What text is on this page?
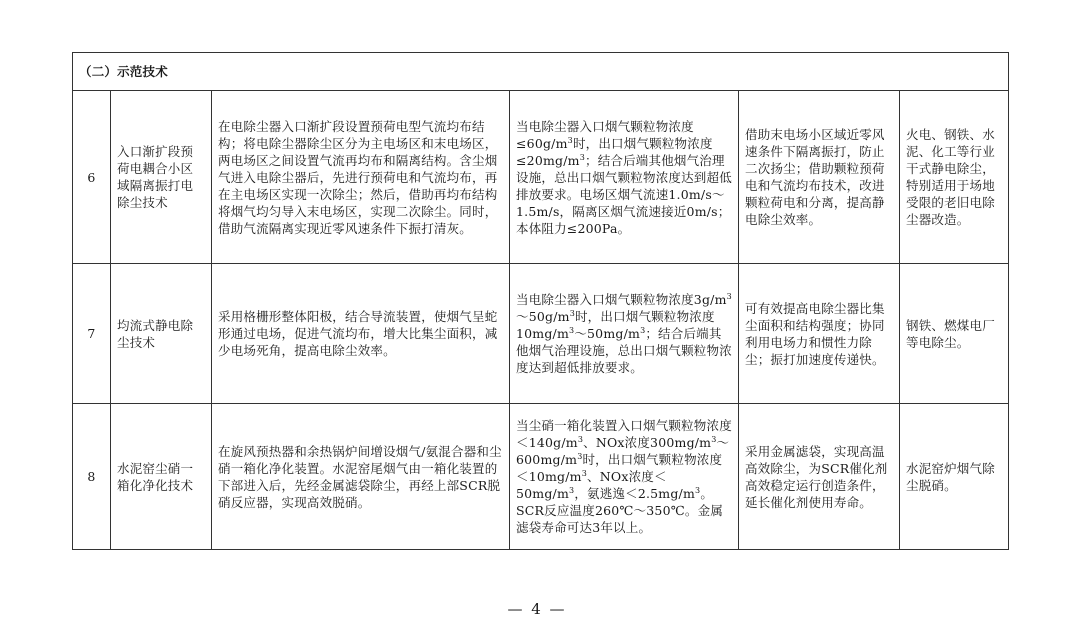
（二）示范技术					
6	入口渐扩段预荷电耦合小区域隔离振打电除尘技术	在电除尘器入口渐扩段设置预荷电型气流均布结构；将电除尘器除尘区分为主电场区和末电场区，两电场区之间设置气流再均布和隔离结构。含尘烟气进入电除尘器后，先进行预荷电和气流均布，再在主电场区实现一次除尘；然后，借助再均布结构将烟气均匀导入末电场区，实现二次除尘。同时，借助气流隔离实现近零风速条件下振打清灰。	当电除尘器入口烟气颗粒物浓度$\le 60g/m^3$时，出口烟气颗粒物浓度$\le 20mg/m^3$；结合后端其他烟气治理设施，总出口烟气颗粒物浓度达到超低排放要求。电场区烟气流速1.0m/s～1.5m/s，隔离区烟气流速接近0m/s；本体阻力≤200Pa。	借助末电场小区域近零风速条件下隔离振打，防止二次扬尘；借助颗粒预荷电和气流均布技术，改进颗粒荷电和分离，提高静电除尘效率。	火电、钢铁、水泥、化工等行业干式静电除尘，特别适用于场地受限的老旧电除尘器改造。
7	均流式静电除尘技术	采用格栅形整体阳极，结合导流装置，使烟气呈蛇形通过电场，促进气流均布，增大比集尘面积，减少电场死角，提高电除尘效率。	当电除尘器入口烟气颗粒物浓度$3g/m^3\sim 50g/m^3$时，出口烟气颗粒物浓度$10mg/m^3\sim 50mg/m^3$；结合后端其他烟气治理设施，总出口烟气颗粒物浓度达到超低排放要求。	可有效提高电除尘器比集尘面积和结构强度；协同利用电场力和惯性力除尘；振打加速度传递快。	钢铁、燃煤电厂等电除尘。
8	水泥窑尘硝一箱化净化技术	在旋风预热器和余热锅炉间增设烟气/氨混合器和尘硝一箱化净化装置。水泥窑尾烟气由一箱化装置的下部进入后，先经金属滤袋除尘，再经上部SCR脱硝反应器，实现高效脱硝。	当尘硝一箱化装置入口烟气颗粒物浓度$<140g/m^3$、NOx浓度$300mg/m^3\sim 600mg/m^3$时，出口烟气颗粒物浓度$<10mg/m^3$、NOx浓度$<50mg/m^3$，氨逃逸$<2.5mg/m^3$。SCR反应温度260℃～350℃。金属滤袋寿命可达3年以上。	采用金属滤袋，实现高温高效除尘，为SCR催化剂高效稳定运行创造条件，延长催化剂使用寿命。	水泥窑炉烟气除尘脱硝。
— 4 —
